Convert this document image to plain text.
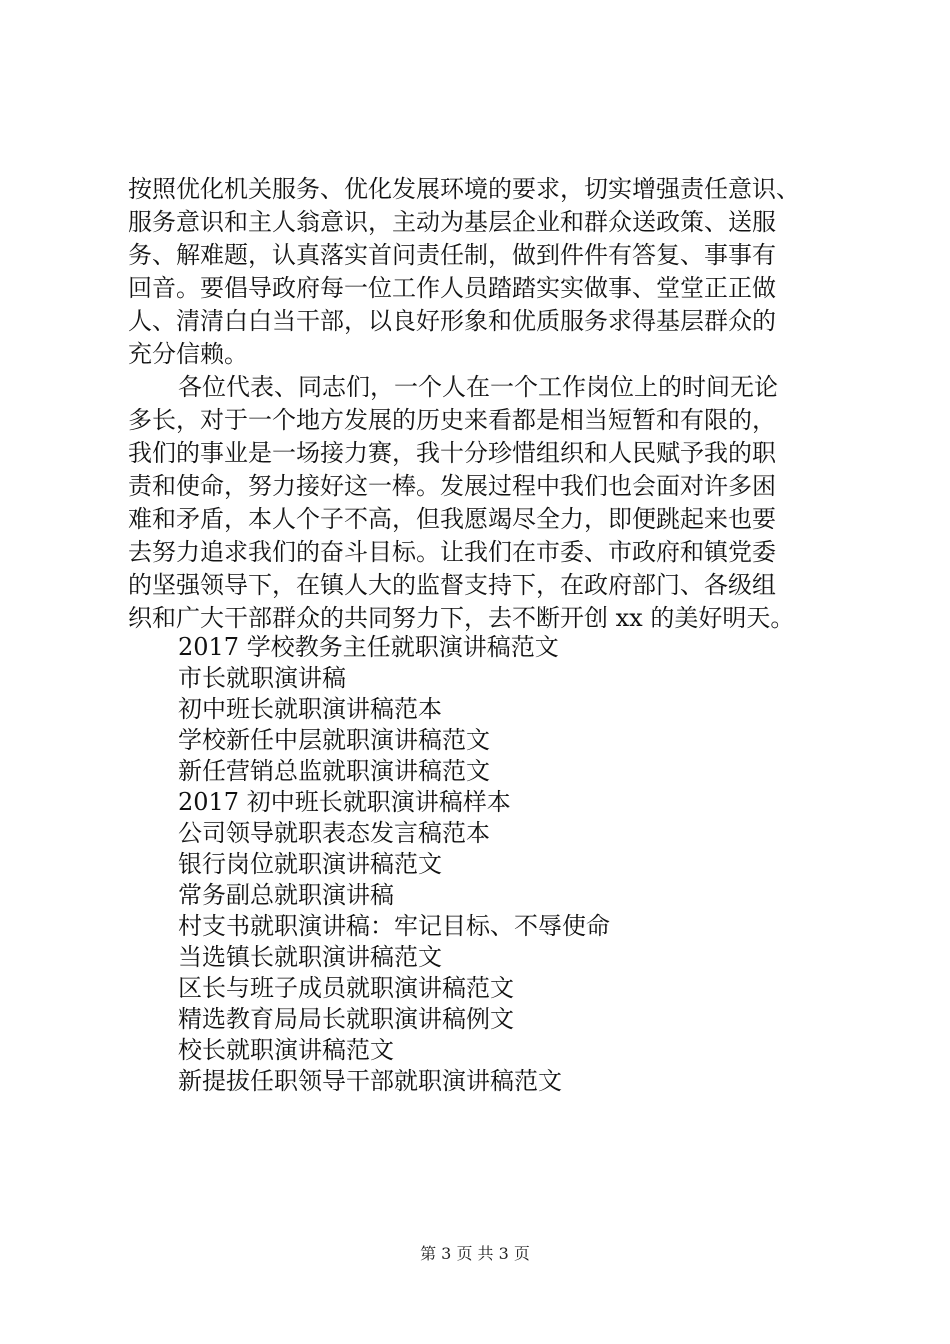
按照优化机关服务、优化发展环境的要求，切实增强责任意识、
服务意识和主人翁意识，主动为基层企业和群众送政策、送服
务、解难题，认真落实首问责任制，做到件件有答复、事事有
回音。要倡导政府每一位工作人员踏踏实实做事、堂堂正正做
人、清清白白当干部，以良好形象和优质服务求得基层群众的
充分信赖。
各位代表、同志们，一个人在一个工作岗位上的时间无论
多长，对于一个地方发展的历史来看都是相当短暂和有限的，
我们的事业是一场接力赛，我十分珍惜组织和人民赋予我的职
责和使命，努力接好这一棒。发展过程中我们也会面对许多困
难和矛盾，本人个子不高，但我愿竭尽全力，即便跳起来也要
去努力追求我们的奋斗目标。让我们在市委、市政府和镇党委
的坚强领导下，在镇人大的监督支持下，在政府部门、各级组
织和广大干部群众的共同努力下，去不断开创 xx 的美好明天。
2017 学校教务主任就职演讲稿范文
市长就职演讲稿
初中班长就职演讲稿范本
学校新任中层就职演讲稿范文
新任营销总监就职演讲稿范文
2017 初中班长就职演讲稿样本
公司领导就职表态发言稿范本
银行岗位就职演讲稿范文
常务副总就职演讲稿
村支书就职演讲稿：牢记目标、不辱使命
当选镇长就职演讲稿范文
区长与班子成员就职演讲稿范文
精选教育局局长就职演讲稿例文
校长就职演讲稿范文
新提拔任职领导干部就职演讲稿范文
第 3 页 共 3 页
